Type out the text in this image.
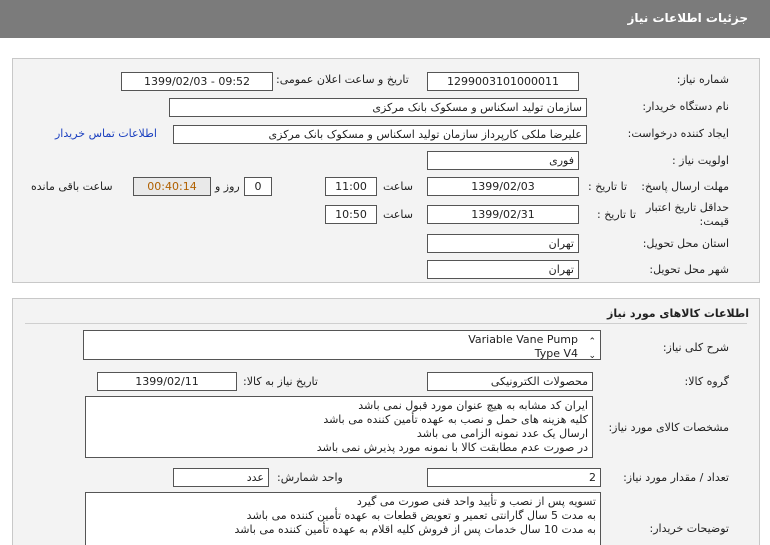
جزئیات اطلاعات نیاز
شماره نیاز:
1299003101000011
تاریخ و ساعت اعلان عمومی:
1399/02/03 - 09:52
نام دستگاه خریدار:
سازمان تولید اسکناس و مسکوک بانک مرکزی
ایجاد کننده درخواست:
علیرضا ملکی کارپرداز سازمان تولید اسکناس و مسکوک بانک مرکزی
اطلاعات تماس خریدار
اولویت نیاز :
فوری
مهلت ارسال پاسخ:
تا تاریخ :
1399/02/03
ساعت
11:00
0
روز و
00:40:14
ساعت باقی مانده
حداقل تاریخ اعتبار
قیمت:
تا تاریخ :
1399/02/31
ساعت
10:50
استان محل تحویل:
تهران
شهر محل تحویل:
تهران
اطلاعات کالاهای مورد نیاز
شرح کلی نیاز:
Variable Vane Pump
Type V4
⌃
⌄
گروه کالا:
محصولات الکترونیکی
تاریخ نیاز به کالا:
1399/02/11
مشخصات کالای مورد نیاز:
ایران کد مشابه به هیچ عنوان مورد قبول نمی باشد
کلیه هزینه های حمل و نصب به عهده تأمین کننده می باشد
ارسال یک عدد نمونه الزامی می باشد
در صورت عدم مطابقت کالا با نمونه مورد پذیرش نمی باشد
تعداد / مقدار مورد نیاز:
2
واحد شمارش:
عدد
توضیحات خریدار:
تسویه پس از نصب و تأیید واحد فنی صورت می گیرد
به مدت 5 سال گارانتی تعمیر و تعویض قطعات به عهده تأمین کننده می باشد
به مدت 10 سال خدمات پس از فروش کلیه اقلام به عهده تأمین کننده می باشد
